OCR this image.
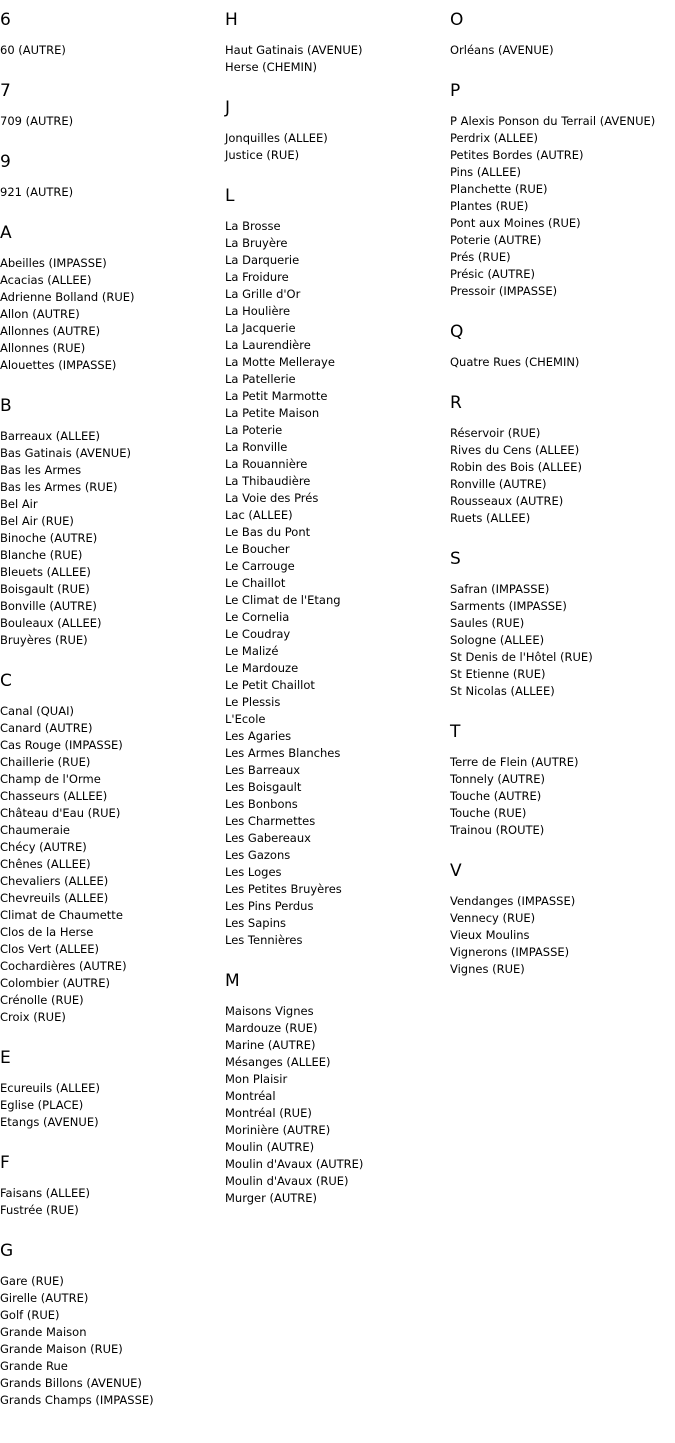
6
60 (AUTRE)
7
709 (AUTRE)
9
921 (AUTRE)
A
Abeilles (IMPASSE)
Acacias (ALLEE)
Adrienne Bolland (RUE)
Allon (AUTRE)
Allonnes (AUTRE)
Allonnes (RUE)
Alouettes (IMPASSE)
B
Barreaux (ALLEE)
Bas Gatinais (AVENUE)
Bas les Armes
Bas les Armes (RUE)
Bel Air
Bel Air (RUE)
Binoche (AUTRE)
Blanche (RUE)
Bleuets (ALLEE)
Boisgault (RUE)
Bonville (AUTRE)
Bouleaux (ALLEE)
Bruyères (RUE)
C
Canal (QUAI)
Canard (AUTRE)
Cas Rouge (IMPASSE)
Chaillerie (RUE)
Champ de l'Orme
Chasseurs (ALLEE)
Château d'Eau (RUE)
Chaumeraie
Chécy (AUTRE)
Chênes (ALLEE)
Chevaliers (ALLEE)
Chevreuils (ALLEE)
Climat de Chaumette
Clos de la Herse
Clos Vert (ALLEE)
Cochardières (AUTRE)
Colombier (AUTRE)
Crénolle (RUE)
Croix (RUE)
E
Ecureuils (ALLEE)
Eglise (PLACE)
Etangs (AVENUE)
F
Faisans (ALLEE)
Fustrée (RUE)
G
Gare (RUE)
Girelle (AUTRE)
Golf (RUE)
Grande Maison
Grande Maison (RUE)
Grande Rue
Grands Billons (AVENUE)
Grands Champs (IMPASSE)
H
Haut Gatinais (AVENUE)
Herse (CHEMIN)
J
Jonquilles (ALLEE)
Justice (RUE)
L
La Brosse
La Bruyère
La Darquerie
La Froidure
La Grille d'Or
La Houlière
La Jacquerie
La Laurendière
La Motte Melleraye
La Patellerie
La Petit Marmotte
La Petite Maison
La Poterie
La Ronville
La Rouannière
La Thibaudière
La Voie des Prés
Lac (ALLEE)
Le Bas du Pont
Le Boucher
Le Carrouge
Le Chaillot
Le Climat de l'Etang
Le Cornelia
Le Coudray
Le Malizé
Le Mardouze
Le Petit Chaillot
Le Plessis
L'Ecole
Les Agaries
Les Armes Blanches
Les Barreaux
Les Boisgault
Les Bonbons
Les Charmettes
Les Gabereaux
Les Gazons
Les Loges
Les Petites Bruyères
Les Pins Perdus
Les Sapins
Les Tennières
M
Maisons Vignes
Mardouze (RUE)
Marine (AUTRE)
Mésanges (ALLEE)
Mon Plaisir
Montréal
Montréal (RUE)
Morinière (AUTRE)
Moulin (AUTRE)
Moulin d'Avaux (AUTRE)
Moulin d'Avaux (RUE)
Murger (AUTRE)
O
Orléans (AVENUE)
P
P Alexis Ponson du Terrail (AVENUE)
Perdrix (ALLEE)
Petites Bordes (AUTRE)
Pins (ALLEE)
Planchette (RUE)
Plantes (RUE)
Pont aux Moines (RUE)
Poterie (AUTRE)
Prés (RUE)
Présic (AUTRE)
Pressoir (IMPASSE)
Q
Quatre Rues (CHEMIN)
R
Réservoir (RUE)
Rives du Cens (ALLEE)
Robin des Bois (ALLEE)
Ronville (AUTRE)
Rousseaux (AUTRE)
Ruets (ALLEE)
S
Safran (IMPASSE)
Sarments (IMPASSE)
Saules (RUE)
Sologne (ALLEE)
St Denis de l'Hôtel (RUE)
St Etienne (RUE)
St Nicolas (ALLEE)
T
Terre de Flein (AUTRE)
Tonnely (AUTRE)
Touche (AUTRE)
Touche (RUE)
Trainou (ROUTE)
V
Vendanges (IMPASSE)
Vennecy (RUE)
Vieux Moulins
Vignerons (IMPASSE)
Vignes (RUE)
